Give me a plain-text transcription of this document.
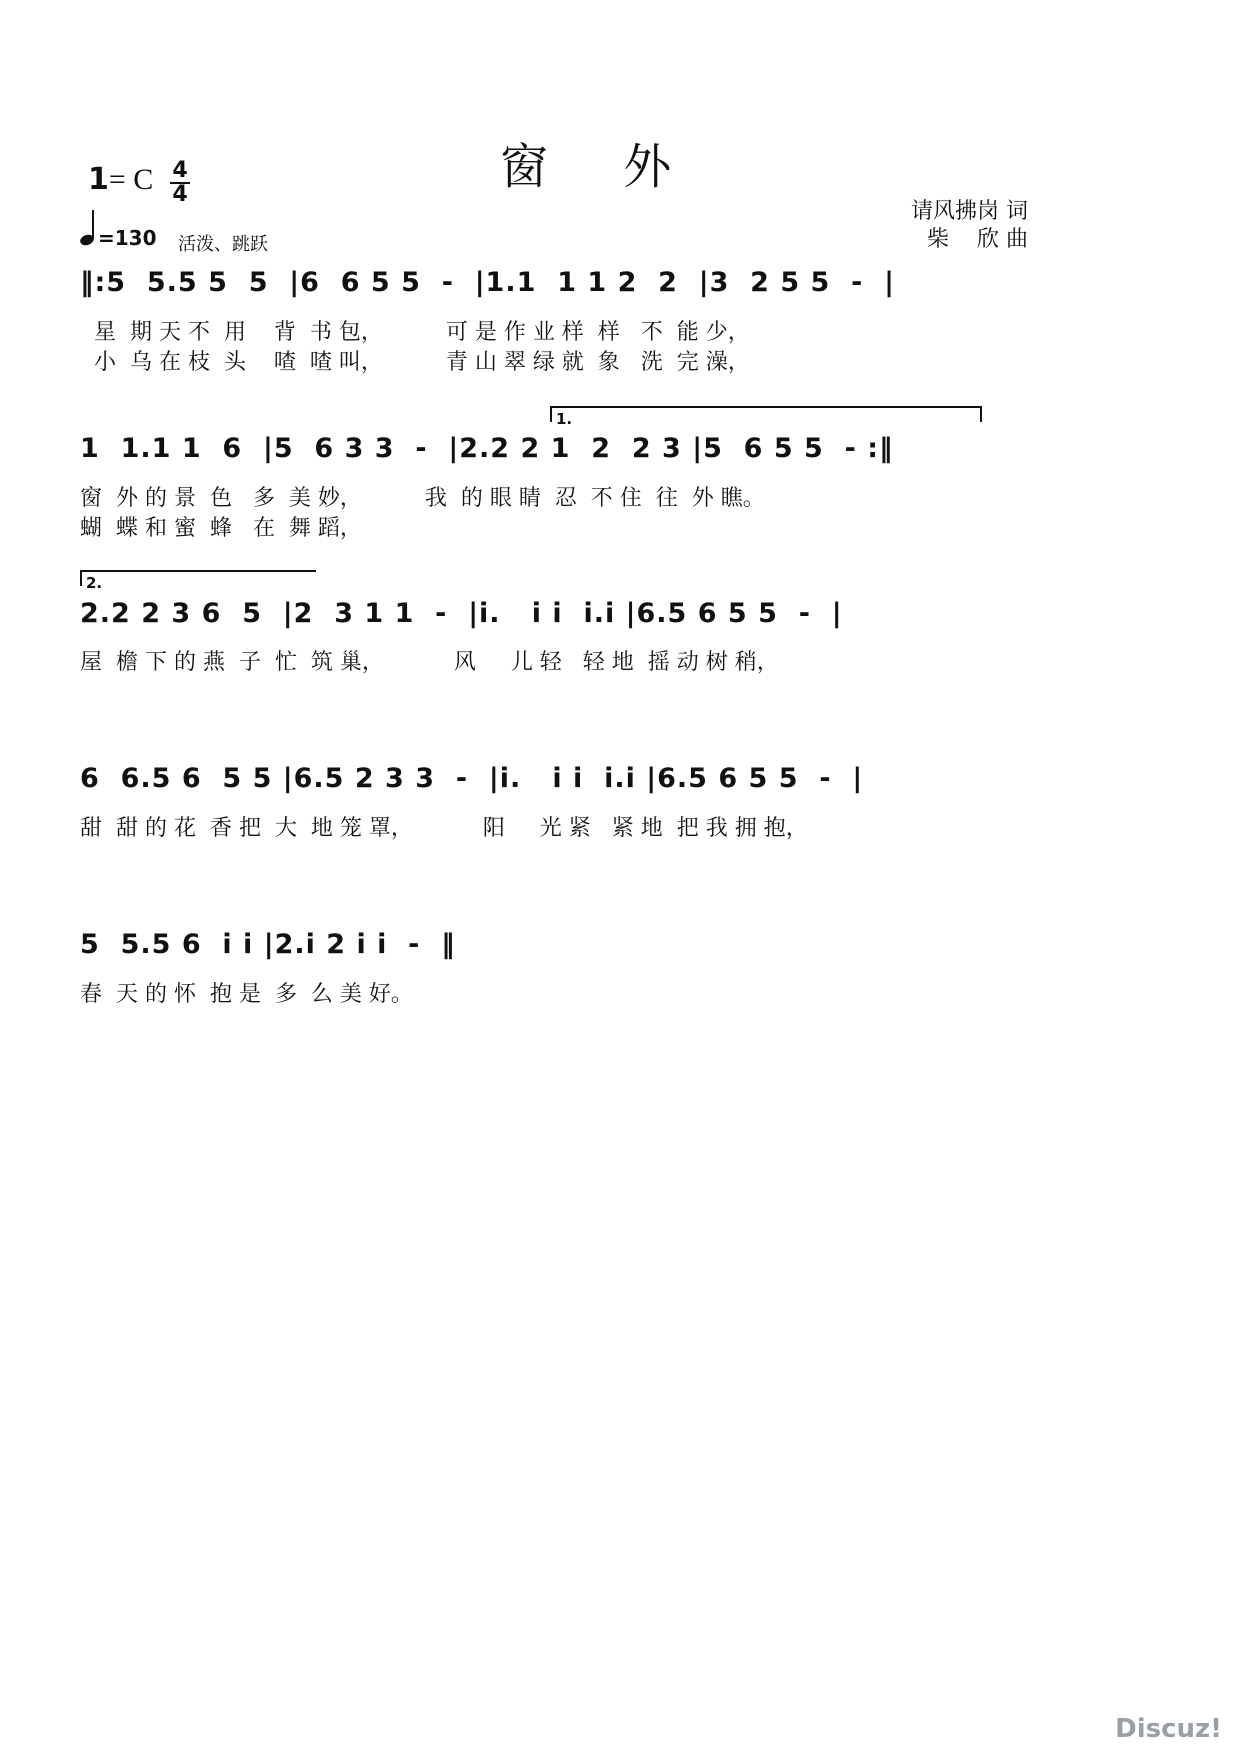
窗 外
1= C 4
4
=130 活泼、跳跃
请风拂岗 词
柴    欣 曲
‖:5  5.5 5  5  |6  6 5 5  -  |1.1  1 1 2  2  |3  2 5 5  -  |
星  期 天 不  用    背  书 包，         可 是 作 业 样  样   不  能 少，
小  乌 在 枝  头    喳  喳 叫，         青 山 翠 绿 就  象   洗  完 澡，
1.
1  1.1 1  6  |5  6 3 3  -  |2.2 2 1  2  2 3 |5  6 5 5  - :‖
窗  外 的 景  色   多  美 妙，         我  的 眼 睛  忍  不 住  往  外 瞧。
蝴  蝶 和 蜜  蜂   在  舞 蹈，
2.
2.2 2 3 6  5  |2  3 1 1  -  |i.   i i  i.i |6.5 6 5 5  -  |
屋  檐 下 的 燕  子  忙  筑 巢，          风     儿 轻   轻 地  摇 动 树 稍，
6  6.5 6  5 5 |6.5 2 3 3  -  |i.   i i  i.i |6.5 6 5 5  -  |
甜  甜 的 花  香 把  大  地 笼 罩，          阳     光 紧   紧 地  把 我 拥 抱，
5  5.5 6  i i |2.i 2 i i  -  ‖
春  天 的 怀  抱 是  多  么 美 好。
Discuz!
